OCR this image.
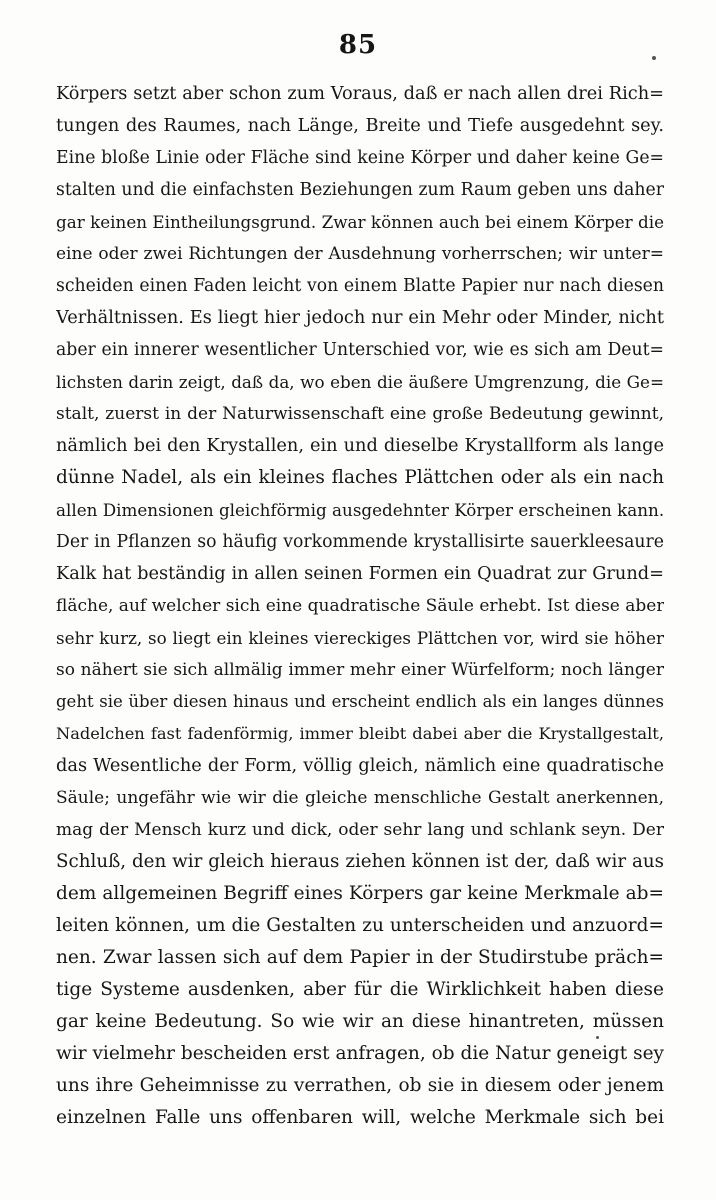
85
Körpers setzt aber schon zum Voraus, daß er nach allen drei Rich=
tungen des Raumes, nach Länge, Breite und Tiefe ausgedehnt sey.
Eine bloße Linie oder Fläche sind keine Körper und daher keine Ge=
stalten und die einfachsten Beziehungen zum Raum geben uns daher
gar keinen Eintheilungsgrund. Zwar können auch bei einem Körper die
eine oder zwei Richtungen der Ausdehnung vorherrschen; wir unter=
scheiden einen Faden leicht von einem Blatte Papier nur nach diesen
Verhältnissen. Es liegt hier jedoch nur ein Mehr oder Minder, nicht
aber ein innerer wesentlicher Unterschied vor, wie es sich am Deut=
lichsten darin zeigt, daß da, wo eben die äußere Umgrenzung, die Ge=
stalt, zuerst in der Naturwissenschaft eine große Bedeutung gewinnt,
nämlich bei den Krystallen, ein und dieselbe Krystallform als lange
dünne Nadel, als ein kleines flaches Plättchen oder als ein nach
allen Dimensionen gleichförmig ausgedehnter Körper erscheinen kann.
Der in Pflanzen so häufig vorkommende krystallisirte sauerkleesaure
Kalk hat beständig in allen seinen Formen ein Quadrat zur Grund=
fläche, auf welcher sich eine quadratische Säule erhebt. Ist diese aber
sehr kurz, so liegt ein kleines viereckiges Plättchen vor, wird sie höher
so nähert sie sich allmälig immer mehr einer Würfelform; noch länger
geht sie über diesen hinaus und erscheint endlich als ein langes dünnes
Nadelchen fast fadenförmig, immer bleibt dabei aber die Krystallgestalt,
das Wesentliche der Form, völlig gleich, nämlich eine quadratische
Säule; ungefähr wie wir die gleiche menschliche Gestalt anerkennen,
mag der Mensch kurz und dick, oder sehr lang und schlank seyn. Der
Schluß, den wir gleich hieraus ziehen können ist der, daß wir aus
dem allgemeinen Begriff eines Körpers gar keine Merkmale ab=
leiten können, um die Gestalten zu unterscheiden und anzuord=
nen. Zwar lassen sich auf dem Papier in der Studirstube präch=
tige Systeme ausdenken, aber für die Wirklichkeit haben diese
gar keine Bedeutung. So wie wir an diese hinantreten, müssen
wir vielmehr bescheiden erst anfragen, ob die Natur geneigt sey
uns ihre Geheimnisse zu verrathen, ob sie in diesem oder jenem
einzelnen Falle uns offenbaren will, welche Merkmale sich bei
